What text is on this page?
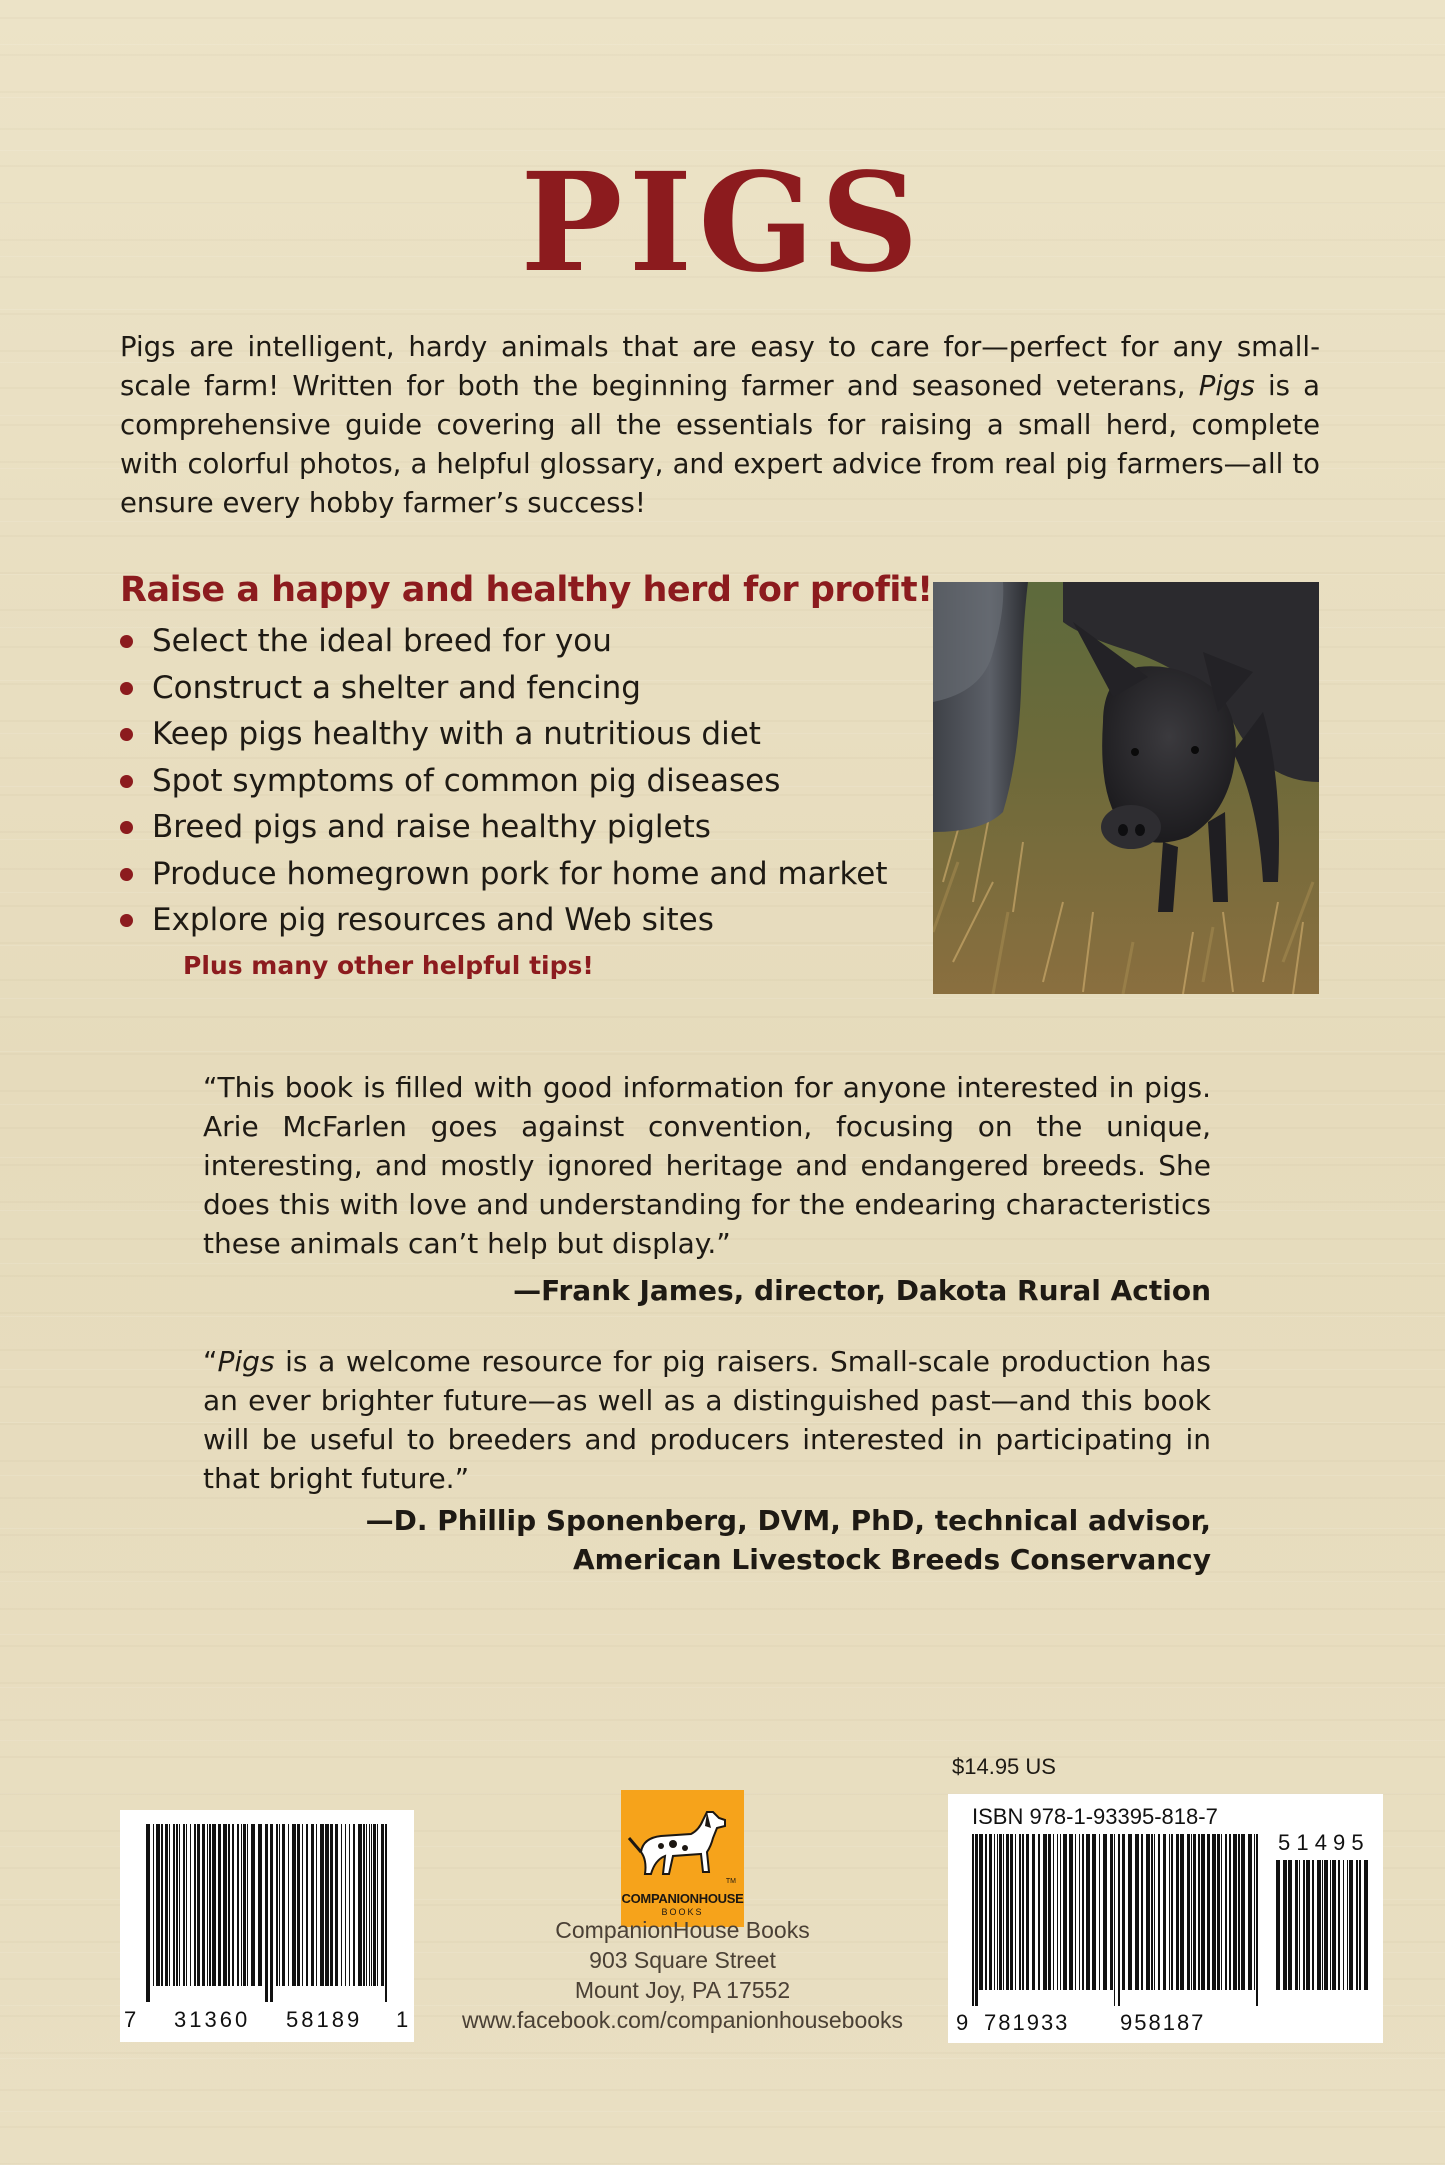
PIGS

Pigs are intelligent, hardy animals that are easy to care for—perfect for any small-scale farm! Written for both the beginning farmer and seasoned veterans, Pigs is a comprehensive guide covering all the essentials for raising a small herd, complete with colorful photos, a helpful glossary, and expert advice from real pig farmers—all to ensure every hobby farmer’s success!

Raise a happy and healthy herd for profit!
Select the ideal breed for you
Construct a shelter and fencing
Keep pigs healthy with a nutritious diet
Spot symptoms of common pig diseases
Breed pigs and raise healthy piglets
Produce homegrown pork for home and market
Explore pig resources and Web sites
Plus many other helpful tips!

“This book is filled with good information for anyone interested in pigs. Arie McFarlen goes against convention, focusing on the unique, interesting, and mostly ignored heritage and endangered breeds. She does this with love and understanding for the endearing characteristics these animals can’t help but display.”

—Frank James, director, Dakota Rural Action

“Pigs is a welcome resource for pig raisers. Small-scale production has an ever brighter future—as well as a distinguished past—and this book will be useful to breeders and producers interested in participating in that bright future.”

—D. Phillip Sponenberg, DVM, PhD, technical advisor,
American Livestock Breeds Conservancy
$14.95 US
7 31360 58189 1
TM
COMPANIONHOUSE
BOOKS
CompanionHouse Books
903 Square Street
Mount Joy, PA 17552
www.facebook.com/companionhousebooks
ISBN 978-1-93395-818-7
5 1 4 9 5
9 781933 958187
